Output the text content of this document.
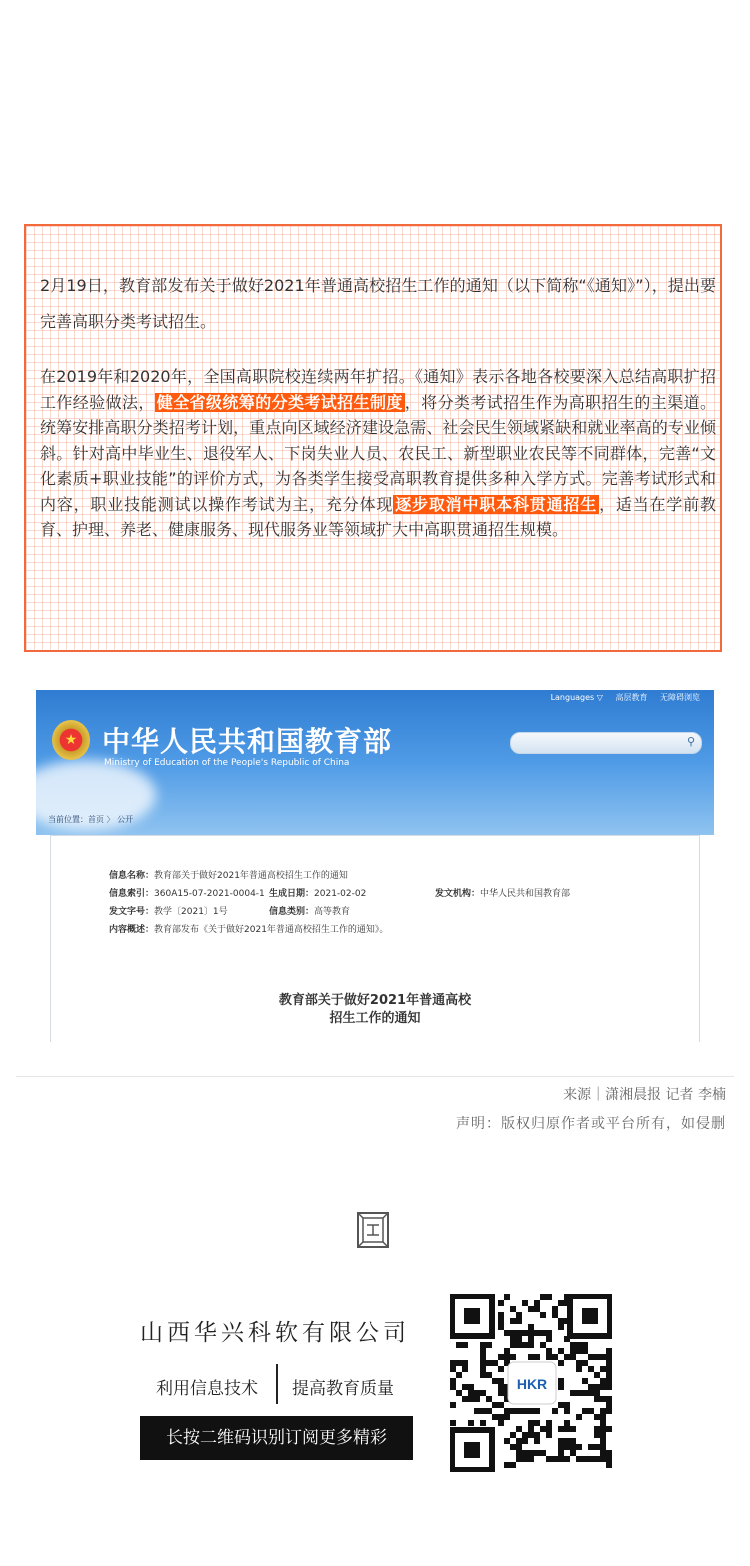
2月19日，教育部发布关于做好2021年普通高校招生工作的通知（以下简称“《通知》”），提出要完善高职分类考试招生。

在2019年和2020年，全国高职院校连续两年扩招。《通知》表示各地各校要深入总结高职扩招工作经验做法， 健全省级统筹的分类考试招生制度 ，将分类考试招生作为高职招生的主渠道。统筹安排高职分类招考计划，重点向区域经济建设急需、社会民生领域紧缺和就业率高的专业倾斜。针对高中毕业生、退役军人、下岗失业人员、农民工、新型职业农民等不同群体，完善“文化素质+职业技能”的评价方式，为各类学生接受高职教育提供多种入学方式。完善考试形式和内容，职业技能测试以操作考试为主，充分体现 逐步取消中职本科贯通招生 ，适当在学前教育、护理、养老、健康服务、现代服务业等领域扩大中高职贯通招生规模。

Languages ▽ 高层教育 无障碍浏览
★ 中华人民共和国教育部
Ministry of Education of the People's Republic of China
⚲
当前位置：首页 〉 公开
信息名称：教育部关于做好2021年普通高校招生工作的通知
信息索引：360A15-07-2021-0004-1 生成日期：2021-02-02	发文机构：中华人民共和国教育部
发文字号：教学〔2021〕1号	信息类别：高等教育
内容概述：教育部发布《关于做好2021年普通高校招生工作的通知》。
教育部关于做好2021年普通高校
招生工作的通知
来源｜潇湘晨报 记者 李楠
声明：版权归原作者或平台所有，如侵删
山西华兴科软有限公司
利用信息技术 提高教育质量
长按二维码识别订阅更多精彩
HKR
